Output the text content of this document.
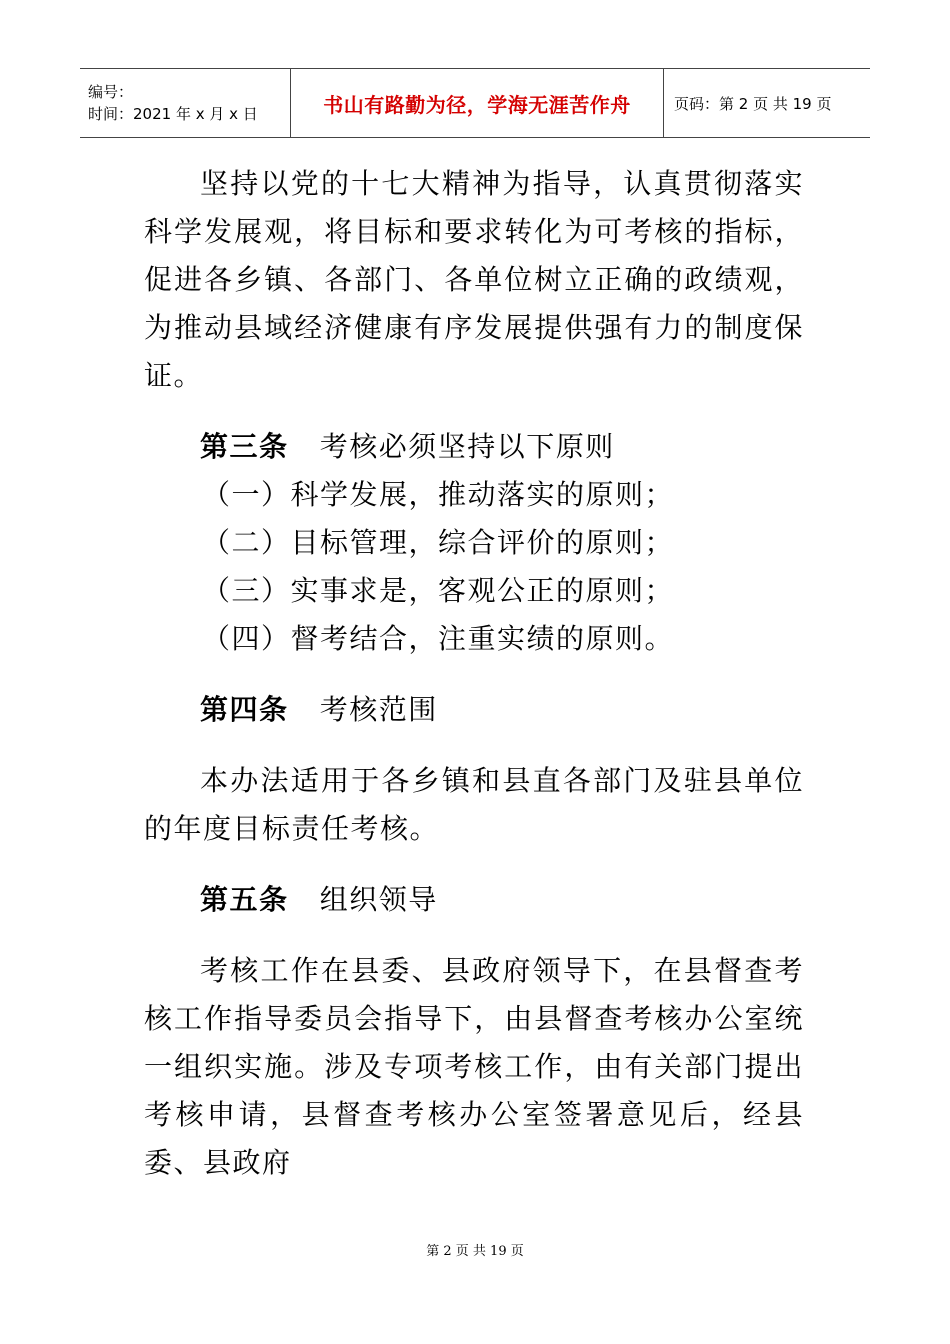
编号：
时间：2021 年 x 月 x 日	书山有路勤为径，学海无涯苦作舟	页码：第 2 页 共 19 页

坚持以党的十七大精神为指导，认真贯彻落实科学发展观，将目标和要求转化为可考核的指标，促进各乡镇、各部门、各单位树立正确的政绩观，为推动县域经济健康有序发展提供强有力的制度保证。

第三条 考核必须坚持以下原则

（一）科学发展，推动落实的原则；

（二）目标管理，综合评价的原则；

（三）实事求是，客观公正的原则；

（四）督考结合，注重实绩的原则。

第四条 考核范围

本办法适用于各乡镇和县直各部门及驻县单位的年度目标责任考核。

第五条 组织领导

考核工作在县委、县政府领导下，在县督查考核工作指导委员会指导下，由县督查考核办公室统一组织实施。涉及专项考核工作，由有关部门提出考核申请，县督查考核办公室签署意见后，经县委、县政府

第 2 页 共 19 页
